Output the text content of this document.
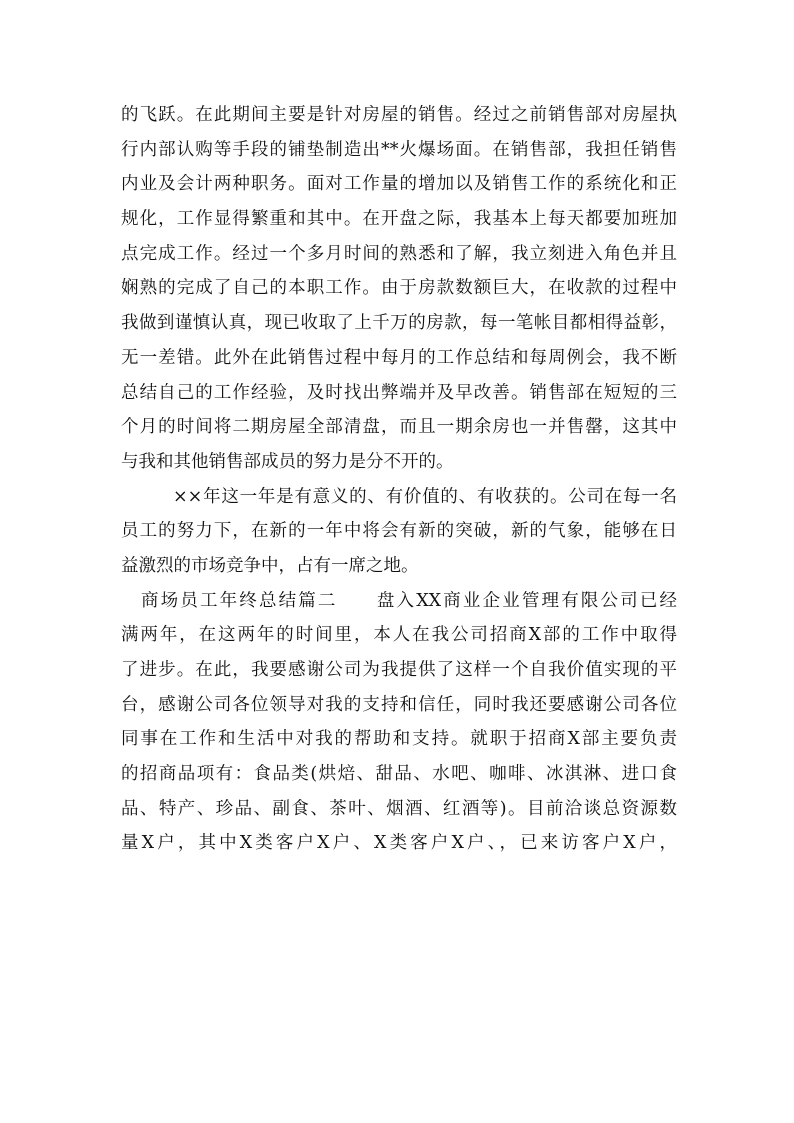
的飞跃。在此期间主要是针对房屋的销售。经过之前销售部对房屋执
行内部认购等手段的铺垫制造出**火爆场面。在销售部，我担任销售
内业及会计两种职务。面对工作量的增加以及销售工作的系统化和正
规化，工作显得繁重和其中。在开盘之际，我基本上每天都要加班加
点完成工作。经过一个多月时间的熟悉和了解，我立刻进入角色并且
娴熟的完成了自己的本职工作。由于房款数额巨大，在收款的过程中
我做到谨慎认真，现已收取了上千万的房款，每一笔帐目都相得益彰，
无一差错。此外在此销售过程中每月的工作总结和每周例会，我不断
总结自己的工作经验，及时找出弊端并及早改善。销售部在短短的三
个月的时间将二期房屋全部清盘，而且一期余房也一并售罄，这其中
与我和其他销售部成员的努力是分不开的。
××年这一年是有意义的、有价值的、有收获的。公司在每一名
员工的努力下，在新的一年中将会有新的突破，新的气象，能够在日
益激烈的市场竞争中，占有一席之地。
商场员工年终总结篇二　　盘入XX商业企业管理有限公司已经
满两年，在这两年的时间里，本人在我公司招商X部的工作中取得
了进步。在此，我要感谢公司为我提供了这样一个自我价值实现的平
台，感谢公司各位领导对我的支持和信任，同时我还要感谢公司各位
同事在工作和生活中对我的帮助和支持。就职于招商X部主要负责
的招商品项有：食品类(烘焙、甜品、水吧、咖啡、冰淇淋、进口食
品、特产、珍品、副食、茶叶、烟酒、红酒等)。目前洽谈总资源数
量X户，其中X类客户X户、X类客户X户、，已来访客户X户，
